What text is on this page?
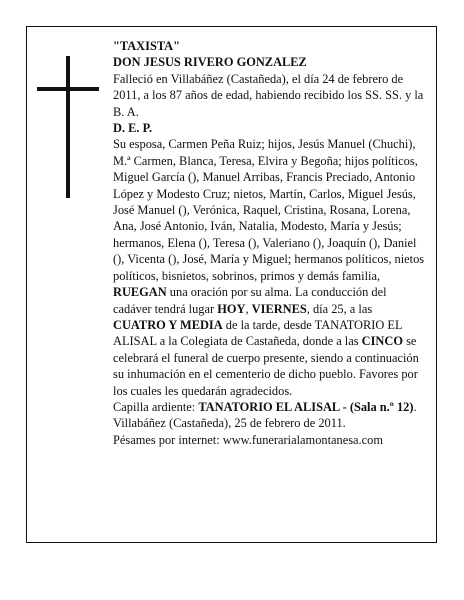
"TAXISTA"

DON JESUS RIVERO GONZALEZ

Falleció en Villabáñez (Castañeda), el día 24 de febrero de 2011, a los 87 años de edad, habiendo recibido los SS. SS. y la B. A.

D. E. P.

Su esposa, Carmen Peña Ruiz; hijos, Jesús Manuel (Chuchi), M.ª Carmen, Blanca, Teresa, Elvira y Begoña; hijos políticos, Miguel García (), Manuel Arribas, Francis Preciado, Antonio López y Modesto Cruz; nietos, Martín, Carlos, Miguel Jesús, José Manuel (), Verónica, Raquel, Cristina, Rosana, Lorena, Ana, José Antonio, Iván, Natalia, Modesto, María y Jesús; hermanos, Elena (), Teresa (), Valeriano (), Joaquín (), Daniel (), Vicenta (), José, María y Miguel; hermanos políticos, nietos políticos, bisnietos, sobrinos, primos y demás familia,

RUEGAN una oración por su alma. La conducción del cadáver tendrá lugar HOY, VIERNES, día 25, a las CUATRO Y MEDIA de la tarde, desde TANATORIO EL ALISAL a la Colegiata de Castañeda, donde a las CINCO se celebrará el funeral de cuerpo presente, siendo a continuación su inhumación en el cementerio de dicho pueblo. Favores por los cuales les quedarán agradecidos.

Capilla ardiente: TANATORIO EL ALISAL - (Sala n.º 12).

Villabáñez (Castañeda), 25 de febrero de 2011.

Pésames por internet: www.funerarialamontanesa.com
